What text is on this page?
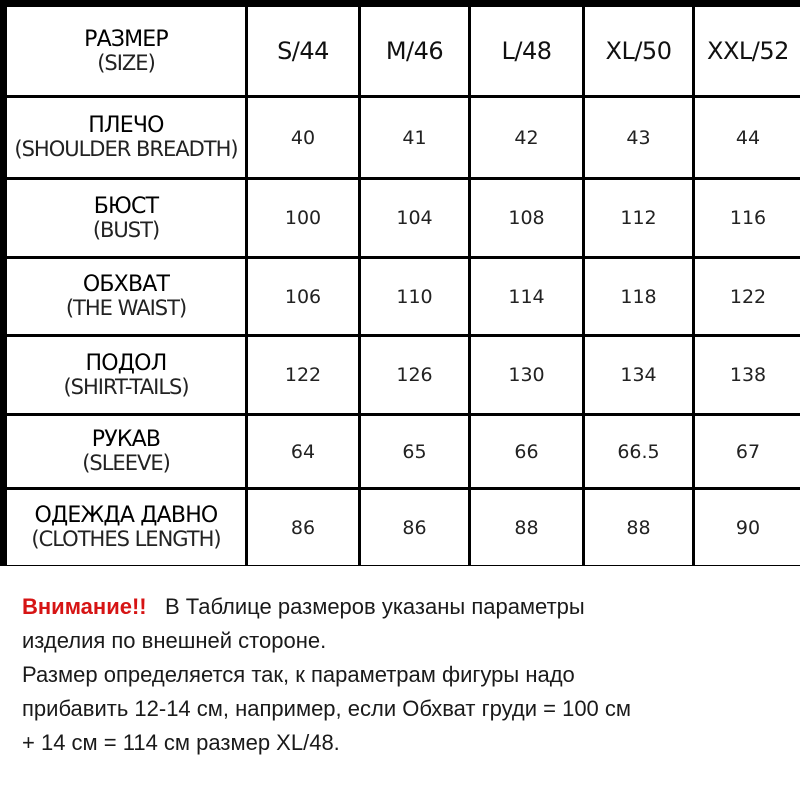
РАЗМЕР
(SIZE)	S/44	M/46	L/48	XL/50	XXL/52
ПЛЕЧО
(SHOULDER BREADTH)	40	41	42	43	44
БЮСТ
(BUST)	100	104	108	112	116
ОБХВАТ
(THE WAIST)	106	110	114	118	122
ПОДОЛ
(SHIRT-TAILS)	122	126	130	134	138
РУКАВ
(SLEEVE)	64	65	66	66.5	67
ОДЕЖДА ДАВНО
(CLOTHES LENGTH)	86	86	88	88	90

Внимание!! В Таблице размеров указаны параметры

изделия по внешней стороне.

Размер определяется так, к параметрам фигуры надо

прибавить 12-14 см, например, если Обхват груди = 100 см

+ 14 см = 114 см размер XL/48.
